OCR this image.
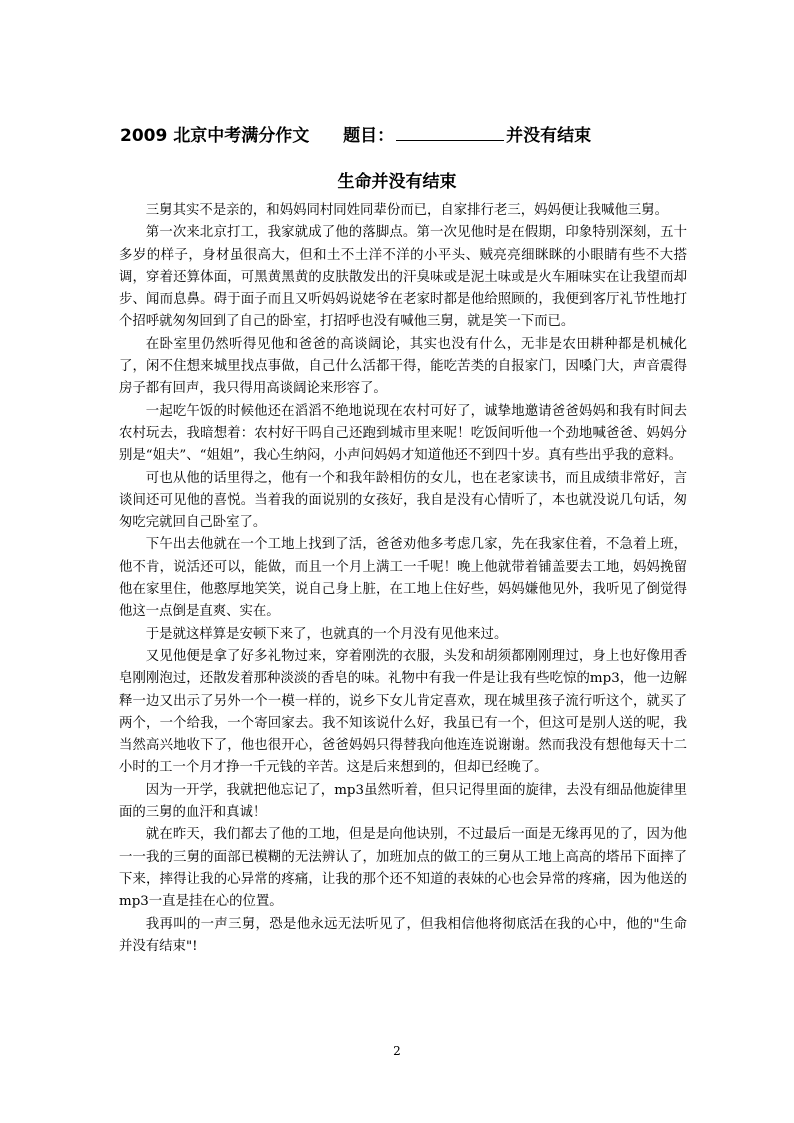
2009 北京中考满分作文 题目：	并没有结束
生命并没有结束

三舅其实不是亲的，和妈妈同村同姓同辈份而已，自家排行老三，妈妈便让我喊他三舅。

第一次来北京打工，我家就成了他的落脚点。第一次见他时是在假期，印象特别深刻，五十多岁的样子，身材虽很高大，但和土不土洋不洋的小平头、贼亮亮细眯眯的小眼睛有些不大搭调，穿着还算体面，可黑黄黑黄的皮肤散发出的汗臭味或是泥土味或是火车厢味实在让我望而却步、闻而息鼻。碍于面子而且又听妈妈说姥爷在老家时都是他给照顾的，我便到客厅礼节性地打个招呼就匆匆回到了自己的卧室，打招呼也没有喊他三舅，就是笑一下而已。

在卧室里仍然听得见他和爸爸的高谈阔论，其实也没有什么，无非是农田耕种都是机械化了，闲不住想来城里找点事做，自己什么活都干得，能吃苦类的自报家门，因嗓门大，声音震得房子都有回声，我只得用高谈阔论来形容了。

一起吃午饭的时候他还在滔滔不绝地说现在农村可好了，诚挚地邀请爸爸妈妈和我有时间去农村玩去，我暗想着：农村好干吗自己还跑到城市里来呢！吃饭间听他一个劲地喊爸爸、妈妈分别是“姐夫”、“姐姐”，我心生纳闷，小声问妈妈才知道他还不到四十岁。真有些出乎我的意料。

可也从他的话里得之，他有一个和我年龄相仿的女儿，也在老家读书，而且成绩非常好，言谈间还可见他的喜悦。当着我的面说别的女孩好，我自是没有心情听了，本也就没说几句话，匆匆吃完就回自己卧室了。

下午出去他就在一个工地上找到了活，爸爸劝他多考虑几家，先在我家住着，不急着上班，他不肯，说活还可以，能做，而且一个月上满工一千呢！晚上他就带着铺盖要去工地，妈妈挽留他在家里住，他憨厚地笑笑，说自己身上脏，在工地上住好些，妈妈嫌他见外，我听见了倒觉得他这一点倒是直爽、实在。

于是就这样算是安顿下来了，也就真的一个月没有见他来过。

又见他便是拿了好多礼物过来，穿着刚洗的衣服，头发和胡须都刚刚理过，身上也好像用香皂刚刚泡过，还散发着那种淡淡的香皂的味。礼物中有我一件是让我有些吃惊的mp3，他一边解释一边又出示了另外一个一模一样的，说乡下女儿肯定喜欢，现在城里孩子流行听这个，就买了两个，一个给我，一个寄回家去。我不知该说什么好，我虽已有一个，但这可是别人送的呢，我当然高兴地收下了，他也很开心，爸爸妈妈只得替我向他连连说谢谢。然而我没有想他每天十二小时的工一个月才挣一千元钱的辛苦。这是后来想到的，但却已经晚了。

因为一开学，我就把他忘记了，mp3虽然听着，但只记得里面的旋律，去没有细品他旋律里面的三舅的血汗和真诚！

就在昨天，我们都去了他的工地，但是是向他诀别，不过最后一面是无缘再见的了，因为他一一我的三舅的面部已模糊的无法辨认了，加班加点的做工的三舅从工地上高高的塔吊下面摔了下来，摔得让我的心异常的疼痛，让我的那个还不知道的表妹的心也会异常的疼痛，因为他送的mp3一直是挂在心的位置。

我再叫的一声三舅，恐是他永远无法听见了，但我相信他将彻底活在我的心中，他的"生命并没有结束"!

2
